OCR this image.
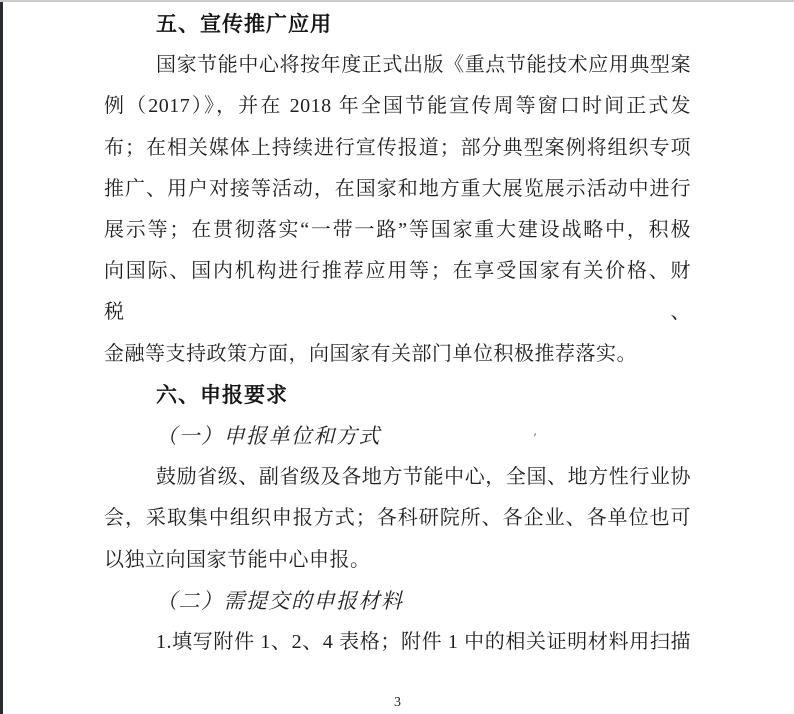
五、宣传推广应用
国家节能中心将按年度正式出版《重点节能技术应用典型案
例（2017）》，并在 2018 年全国节能宣传周等窗口时间正式发
布；在相关媒体上持续进行宣传报道；部分典型案例将组织专项
推广、用户对接等活动，在国家和地方重大展览展示活动中进行
展示等；在贯彻落实“一带一路”等国家重大建设战略中，积极
向国际、国内机构进行推荐应用等；在享受国家有关价格、财税、
金融等支持政策方面，向国家有关部门单位积极推荐落实。
六、申报要求
（一）申报单位和方式	′
鼓励省级、副省级及各地方节能中心，全国、地方性行业协
会，采取集中组织申报方式；各科研院所、各企业、各单位也可
以独立向国家节能中心申报。
（二）需提交的申报材料
1.填写附件 1、2、4 表格；附件 1 中的相关证明材料用扫描
3
